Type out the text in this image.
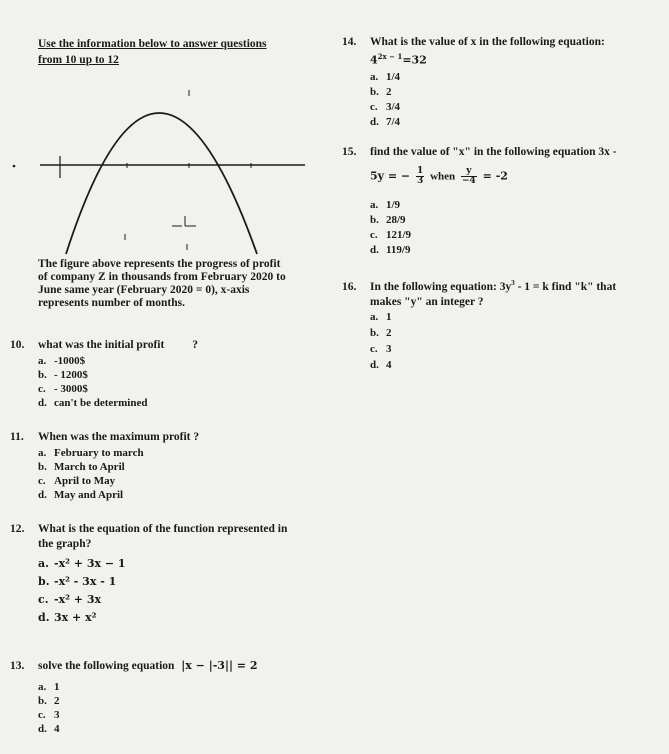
Use the information below to answer questions
from 10 up to 12
The figure above represents the progress of profit
of company Z in thousands from February 2020 to
June same year (February 2020 = 0), x-axis
represents number of months.
10. what was the initial profit ?
a. -1000$
b. - 1200$
c. - 3000$
d. can't be determined
11. When was the maximum profit ?
a. February to march
b. March to April
c. April to May
d. May and April
12. What is the equation of the function represented in
the graph?
a. -x² + 3x − 1
b. -x² - 3x - 1
c. -x² + 3x
d. 3x + x²
13. solve the following equation |x − |-3|| = 2
a. 1
b. 2
c. 3
d. 4
14. What is the value of x in the following equation:
$4^{2x - 1}=32$
a. 1/4
b. 2
c. 3/4
d. 7/4
15. find the value of "x" in the following equation 3x -
5y = − $\frac{1}{3}$ when $\frac{y}{-4} = -2$
a. 1/9
b. 28/9
c. 121/9
d. 119/9
16. In the following equation: $3y^3 - 1 = k$ find "k" that
makes "y" an integer ?
a. 1
b. 2
c. 3
d. 4
